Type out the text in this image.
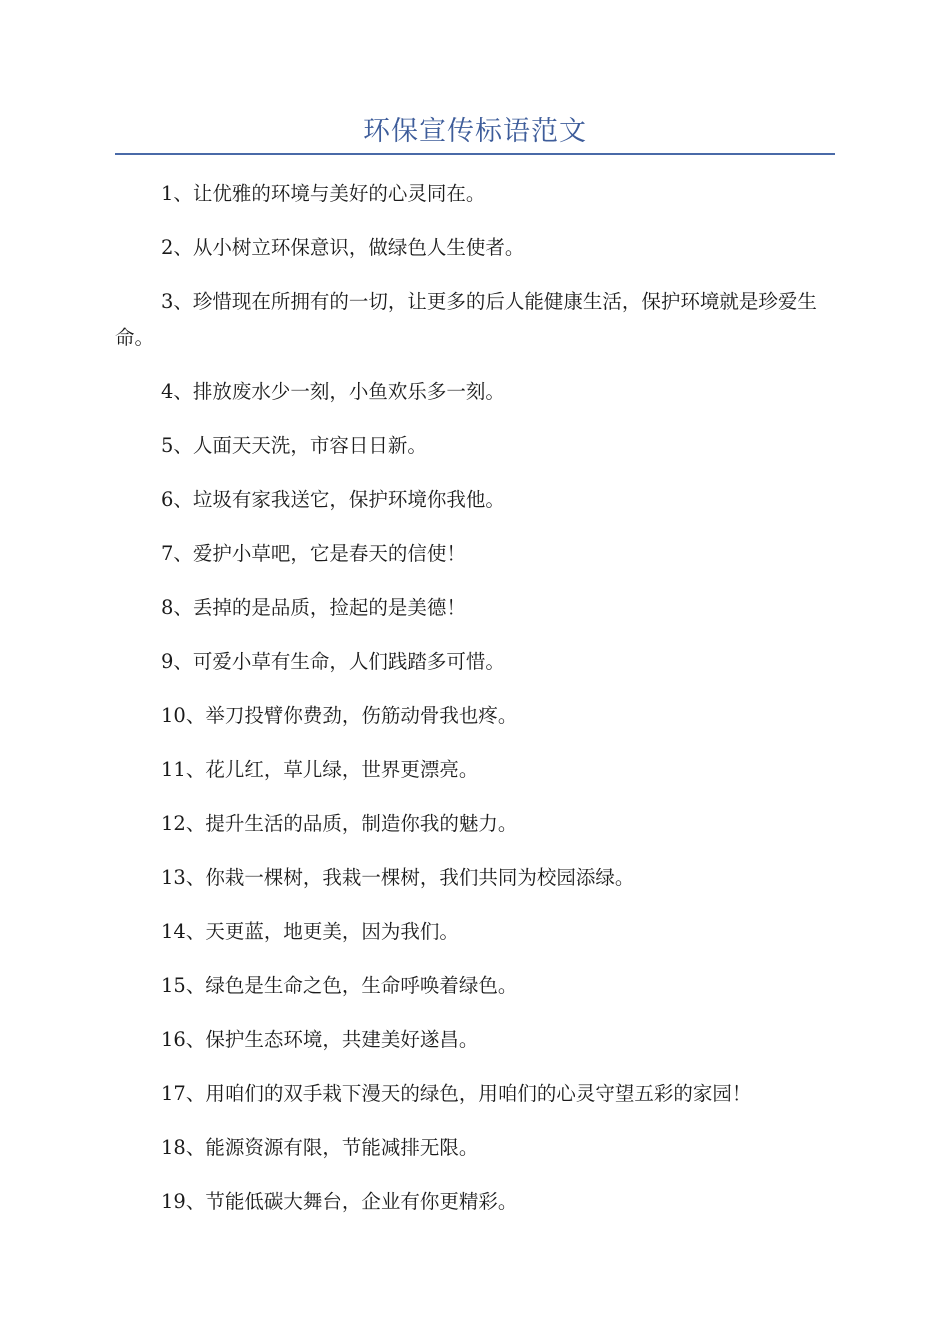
环保宣传标语范文

1、让优雅的环境与美好的心灵同在。

2、从小树立环保意识，做绿色人生使者。

3、珍惜现在所拥有的一切，让更多的后人能健康生活，保护环境就是珍爱生命。

4、排放废水少一刻，小鱼欢乐多一刻。

5、人面天天洗，市容日日新。

6、垃圾有家我送它，保护环境你我他。

7、爱护小草吧，它是春天的信使！

8、丢掉的是品质，捡起的是美德！

9、可爱小草有生命，人们践踏多可惜。

10、举刀投臂你费劲，伤筋动骨我也疼。

11、花儿红，草儿绿，世界更漂亮。

12、提升生活的品质，制造你我的魅力。

13、你栽一棵树，我栽一棵树，我们共同为校园添绿。

14、天更蓝，地更美，因为我们。

15、绿色是生命之色，生命呼唤着绿色。

16、保护生态环境，共建美好遂昌。

17、用咱们的双手栽下漫天的绿色，用咱们的心灵守望五彩的家园！

18、能源资源有限，节能减排无限。

19、节能低碳大舞台，企业有你更精彩。
